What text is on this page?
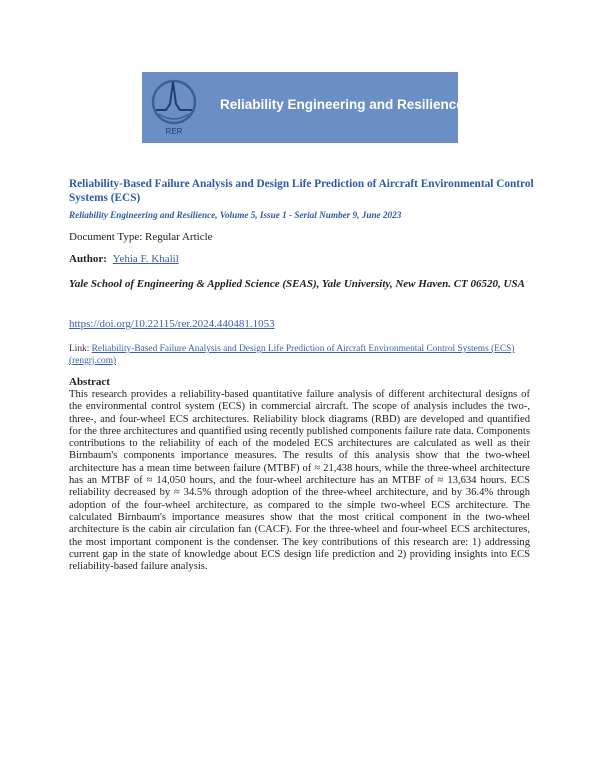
RER
Reliability Engineering and Resilience

Reliability-Based Failure Analysis and Design Life Prediction of Aircraft Environmental Control Systems (ECS)

Reliability Engineering and Resilience, Volume 5, Issue 1 - Serial Number 9, June 2023

Document Type: Regular Article

Author: Yehia F. Khalil

Yale School of Engineering & Applied Science (SEAS), Yale University, New Haven. CT 06520, USA

https://doi.org/10.22115/rer.2024.440481.1053

Link: Reliability-Based Failure Analysis and Design Life Prediction of Aircraft Environmental Control Systems (ECS) (rengrj.com)

Abstract

This research provides a reliability-based quantitative failure analysis of different architectural designs of the environmental control system (ECS) in commercial aircraft. The scope of analysis includes the two-, three-, and four-wheel ECS architectures. Reliability block diagrams (RBD) are developed and quantified for the three architectures and quantified using recently published components failure rate data. Components contributions to the reliability of each of the modeled ECS architectures are calculated as well as their Birnbaum's components importance measures. The results of this analysis show that the two-wheel architecture has a mean time between failure (MTBF) of ≈ 21,438 hours, while the three-wheel architecture has an MTBF of ≈ 14,050 hours, and the four-wheel architecture has an MTBF of ≈ 13,634 hours. ECS reliability decreased by ≈ 34.5% through adoption of the three-wheel architecture, and by 36.4% through adoption of the four-wheel architecture, as compared to the simple two-wheel ECS architecture. The calculated Birnbaum's importance measures show that the most critical component in the two-wheel architecture is the cabin air circulation fan (CACF). For the three-wheel and four-wheel ECS architectures, the most important component is the condenser. The key contributions of this research are: 1) addressing current gap in the state of knowledge about ECS design life prediction and 2) providing insights into ECS reliability-based failure analysis.
